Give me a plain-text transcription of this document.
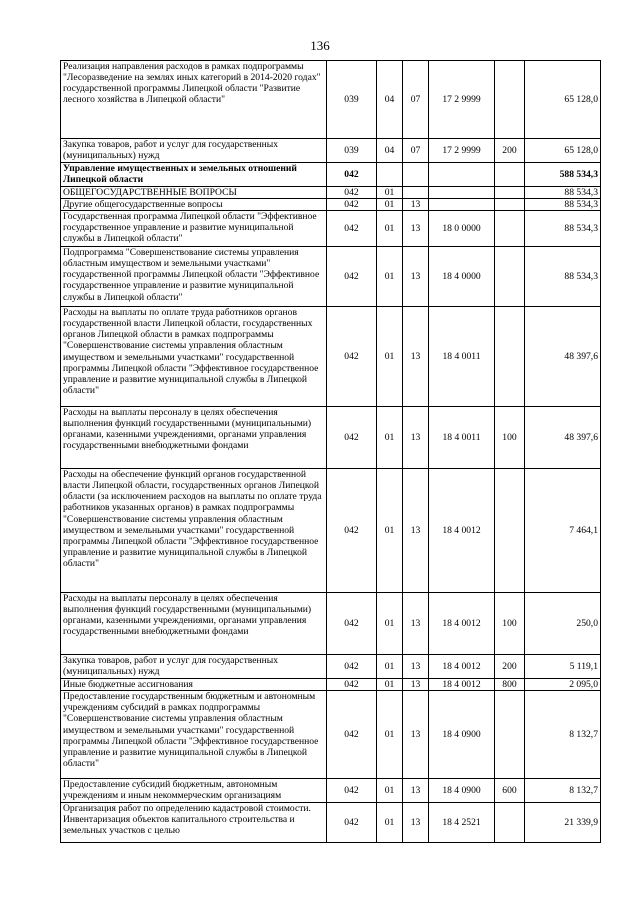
136
Реализация направления расходов в рамках подпрограммы "Лесоразведение на землях иных категорий в 2014-2020 годах" государственной программы Липецкой области "Развитие лесного хозяйства в Липецкой области"	039	04	07	17 2 9999		65 128,0
Закупка товаров, работ и услуг для государственных (муниципальных) нужд	039	04	07	17 2 9999	200	65 128,0
Управление имущественных и земельных отношений Липецкой области	042					588 534,3
ОБЩЕГОСУДАРСТВЕННЫЕ ВОПРОСЫ	042	01				88 534,3
Другие общегосударственные вопросы	042	01	13			88 534,3
Государственная программа Липецкой области "Эффективное государственное управление и развитие муниципальной службы в Липецкой области"	042	01	13	18 0 0000		88 534,3
Подпрограмма "Совершенствование системы управления областным имуществом и земельными участками" государственной программы Липецкой области "Эффективное государственное управление и развитие муниципальной службы в Липецкой области"	042	01	13	18 4 0000		88 534,3
Расходы на выплаты по оплате труда работников органов государственной власти Липецкой области, государственных органов Липецкой области в рамках подпрограммы "Совершенствование системы управления областным имуществом и земельными участками" государственной программы Липецкой области "Эффективное государственное управление и развитие муниципальной службы в Липецкой области"	042	01	13	18 4 0011		48 397,6
Расходы на выплаты персоналу в целях обеспечения выполнения функций государственными (муниципальными) органами, казенными учреждениями, органами управления государственными внебюджетными фондами	042	01	13	18 4 0011	100	48 397,6
Расходы на обеспечение функций органов государственной власти Липецкой области, государственных органов Липецкой области (за исключением расходов на выплаты по оплате труда работников указанных органов) в рамках подпрограммы "Совершенствование системы управления областным имуществом и земельными участками" государственной программы Липецкой области "Эффективное государственное управление и развитие муниципальной службы в Липецкой области"	042	01	13	18 4 0012		7 464,1
Расходы на выплаты персоналу в целях обеспечения выполнения функций государственными (муниципальными) органами, казенными учреждениями, органами управления государственными внебюджетными фондами	042	01	13	18 4 0012	100	250,0
Закупка товаров, работ и услуг для государственных (муниципальных) нужд	042	01	13	18 4 0012	200	5 119,1
Иные бюджетные ассигнования	042	01	13	18 4 0012	800	2 095,0
Предоставление государственным бюджетным и автономным учреждениям субсидий в рамках подпрограммы "Совершенствование системы управления областным имуществом и земельными участками" государственной программы Липецкой области "Эффективное государственное управление и развитие муниципальной службы в Липецкой области"	042	01	13	18 4 0900		8 132,7
Предоставление субсидий бюджетным, автономным учреждениям и иным некоммерческим организациям	042	01	13	18 4 0900	600	8 132,7
Организация работ по определению кадастровой стоимости. Инвентаризация объектов капитального строительства и земельных участков с целью	042	01	13	18 4 2521		21 339,9
